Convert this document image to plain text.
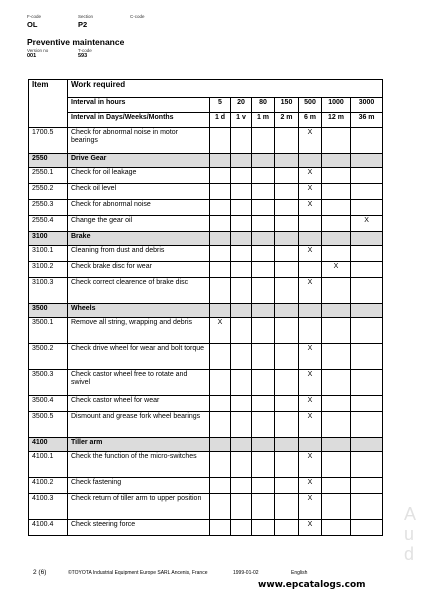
F-code
OL
Section
P2
C-code
Preventive maintenance
Version no
001
T-code
593
Item	Work required							
	Interval in hours	5	20	80	150	500	1000	3000
	Interval in Days/Weeks/Months	1 d	1 v	1 m	2 m	6 m	12 m	36 m
1700.5	Check for abnormal noise in motor bearings					X		
2550	Drive Gear							
2550.1	Check for oil leakage					X		
2550.2	Check oil level					X		
2550.3	Check for abnormal noise					X		
2550.4	Change the gear oil							X
3100	Brake							
3100.1	Cleaning from dust and debris					X		
3100.2	Check brake disc for wear						X	
3100.3	Check correct clearence of brake disc					X		
3500	Wheels							
3500.1	Remove all string, wrapping and debris	X						
3500.2	Check drive wheel for wear and bolt torque					X		
3500.3	Check castor wheel free to rotate and swivel					X		
3500.4	Check castor wheel for wear					X		
3500.5	Dismount and grease fork wheel bearings					X		
4100	Tiller arm							
4100.1	Check the function of the micro-switches					X		
4100.2	Check fastening					X		
4100.3	Check return of tiller arm to upper position					X		
4100.4	Check steering force					X		
2 (6)	©TOYOTA Industrial Equipment Europe SARL Ancenis, France	1999-01-02	English
www.epcatalogs.com
A
u
d
